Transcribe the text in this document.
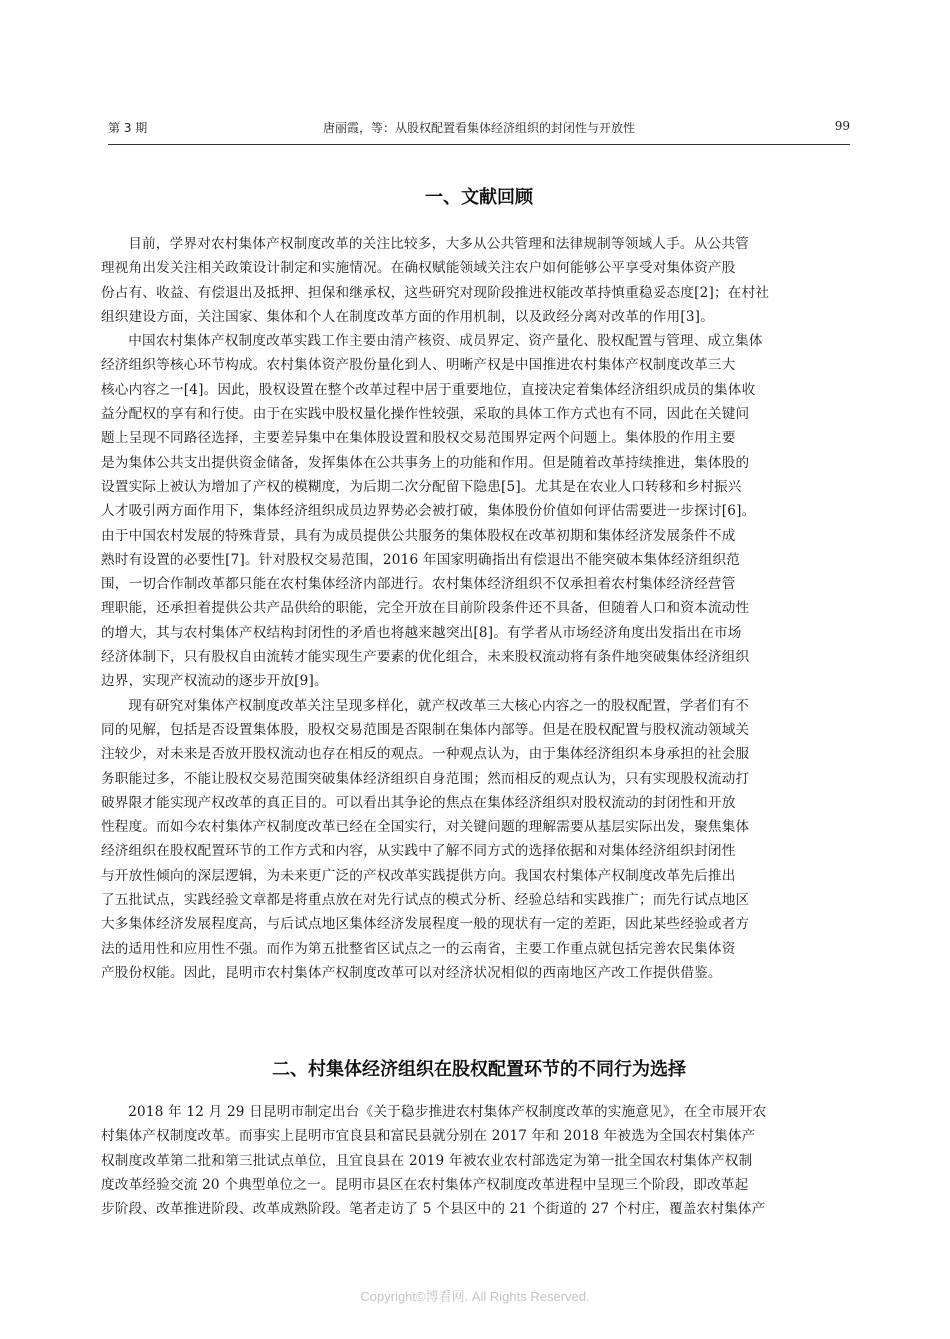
第 3 期	唐丽霞，等：从股权配置看集体经济组织的封闭性与开放性	99
一、文献回顾

目前，学界对农村集体产权制度改革的关注比较多，大多从公共管理和法律规制等领域人手。从公共管
理视角出发关注相关政策设计制定和实施情况。在确权赋能领域关注农户如何能够公平享受对集体资产股
份占有、收益、有偿退出及抵押、担保和继承权，这些研究对现阶段推进权能改革持慎重稳妥态度[2]；在村社
组织建设方面，关注国家、集体和个人在制度改革方面的作用机制，以及政经分离对改革的作用[3]。

中国农村集体产权制度改革实践工作主要由清产核资、成员界定、资产量化、股权配置与管理、成立集体
经济组织等核心环节构成。农村集体资产股份量化到人、明晰产权是中国推进农村集体产权制度改革三大
核心内容之一[4]。因此，股权设置在整个改革过程中居于重要地位，直接决定着集体经济组织成员的集体收
益分配权的享有和行使。由于在实践中股权量化操作性较强，采取的具体工作方式也有不同，因此在关键问
题上呈现不同路径选择，主要差异集中在集体股设置和股权交易范围界定两个问题上。集体股的作用主要
是为集体公共支出提供资金储备，发挥集体在公共事务上的功能和作用。但是随着改革持续推进，集体股的
设置实际上被认为增加了产权的模糊度，为后期二次分配留下隐患[5]。尤其是在农业人口转移和乡村振兴
人才吸引两方面作用下，集体经济组织成员边界势必会被打破，集体股份价值如何评估需要进一步探讨[6]。
由于中国农村发展的特殊背景，具有为成员提供公共服务的集体股权在改革初期和集体经济发展条件不成
熟时有设置的必要性[7]。针对股权交易范围，2016 年国家明确指出有偿退出不能突破本集体经济组织范
围，一切合作制改革都只能在农村集体经济内部进行。农村集体经济组织不仅承担着农村集体经济经营管
理职能，还承担着提供公共产品供给的职能，完全开放在目前阶段条件还不具备，但随着人口和资本流动性
的增大，其与农村集体产权结构封闭性的矛盾也将越来越突出[8]。有学者从市场经济角度出发指出在市场
经济体制下，只有股权自由流转才能实现生产要素的优化组合，未来股权流动将有条件地突破集体经济组织
边界，实现产权流动的逐步开放[9]。

现有研究对集体产权制度改革关注呈现多样化，就产权改革三大核心内容之一的股权配置，学者们有不
同的见解，包括是否设置集体股，股权交易范围是否限制在集体内部等。但是在股权配置与股权流动领域关
注较少，对未来是否放开股权流动也存在相反的观点。一种观点认为，由于集体经济组织本身承担的社会服
务职能过多，不能让股权交易范围突破集体经济组织自身范围；然而相反的观点认为，只有实现股权流动打
破界限才能实现产权改革的真正目的。可以看出其争论的焦点在集体经济组织对股权流动的封闭性和开放
性程度。而如今农村集体产权制度改革已经在全国实行，对关键问题的理解需要从基层实际出发，聚焦集体
经济组织在股权配置环节的工作方式和内容，从实践中了解不同方式的选择依据和对集体经济组织封闭性
与开放性倾向的深层逻辑，为未来更广泛的产权改革实践提供方向。我国农村集体产权制度改革先后推出
了五批试点，实践经验文章都是将重点放在对先行试点的模式分析、经验总结和实践推广；而先行试点地区
大多集体经济发展程度高，与后试点地区集体经济发展程度一般的现状有一定的差距，因此某些经验或者方
法的适用性和应用性不强。而作为第五批整省区试点之一的云南省，主要工作重点就包括完善农民集体资
产股份权能。因此，昆明市农村集体产权制度改革可以对经济状况相似的西南地区产改工作提供借鉴。

二、村集体经济组织在股权配置环节的不同行为选择

2018 年 12 月 29 日昆明市制定出台《关于稳步推进农村集体产权制度改革的实施意见》，在全市展开农
村集体产权制度改革。而事实上昆明市宜良县和富民县就分别在 2017 年和 2018 年被选为全国农村集体产
权制度改革第二批和第三批试点单位，且宜良县在 2019 年被农业农村部选定为第一批全国农村集体产权制
度改革经验交流 20 个典型单位之一。昆明市县区在农村集体产权制度改革进程中呈现三个阶段，即改革起
步阶段、改革推进阶段、改革成熟阶段。笔者走访了 5 个县区中的 21 个街道的 27 个村庄，覆盖农村集体产

Copyright©博看网. All Rights Reserved.
